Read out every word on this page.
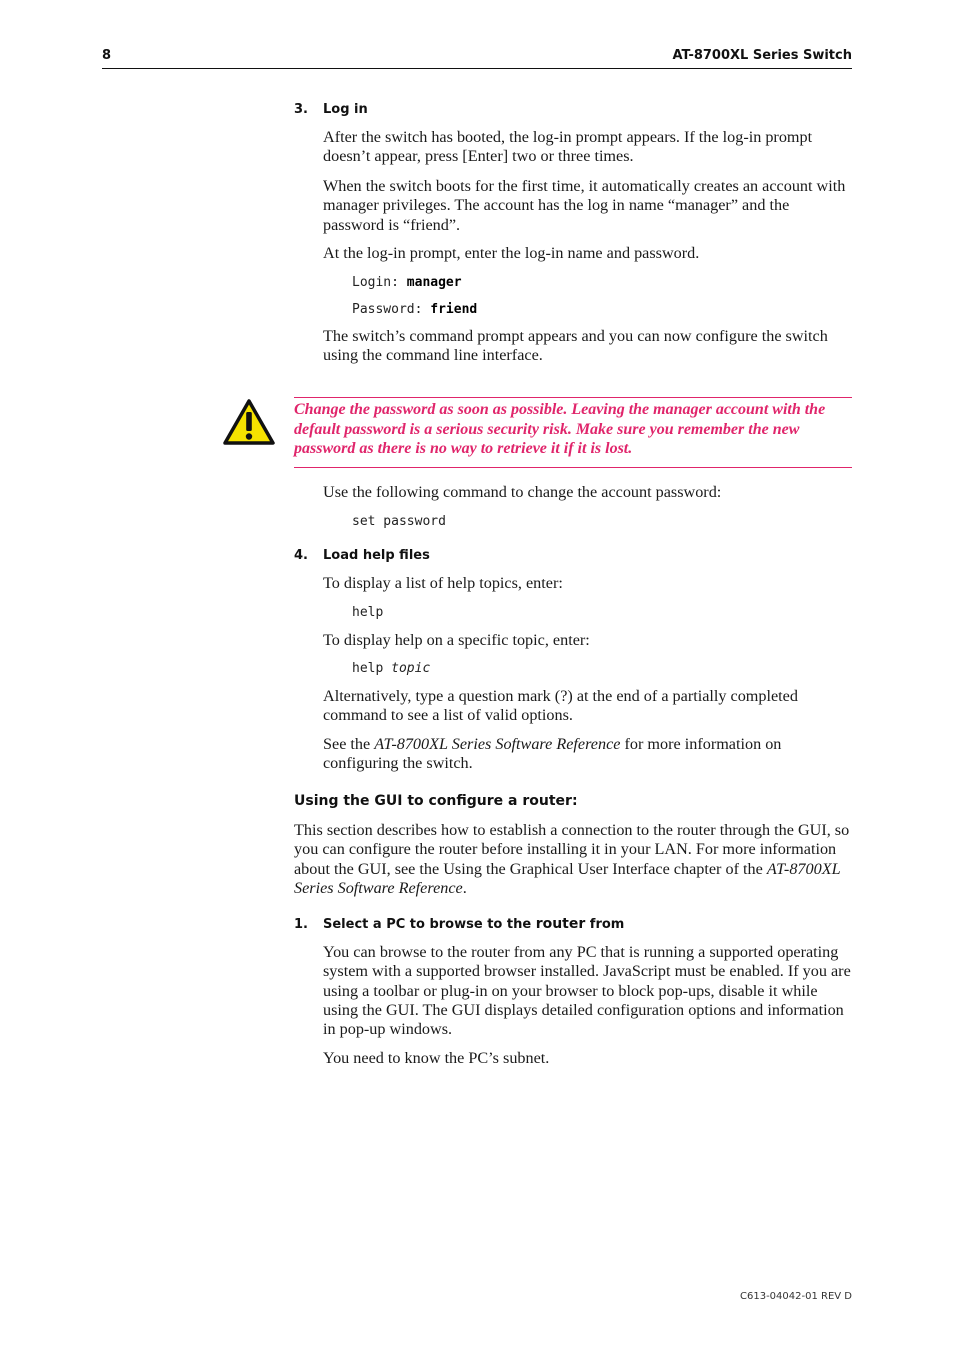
8	AT-8700XL Series Switch
3. Log in
After the switch has booted, the log-in prompt appears. If the log-in prompt doesn’t appear, press [Enter] two or three times.
When the switch boots for the first time, it automatically creates an account with manager privileges. The account has the log in name “manager” and the password is “friend”.
At the log-in prompt, enter the log-in name and password.
Login: manager
Password: friend
The switch’s command prompt appears and you can now configure the switch using the command line interface.
Change the password as soon as possible. Leaving the manager account with the default password is a serious security risk. Make sure you remember the new password as there is no way to retrieve it if it is lost.
Use the following command to change the account password:
set password
4. Load help files
To display a list of help topics, enter:
help
To display help on a specific topic, enter:
help topic
Alternatively, type a question mark (?) at the end of a partially completed command to see a list of valid options.
See the AT-8700XL Series Software Reference for more information on configuring the switch.
Using the GUI to configure a router:
This section describes how to establish a connection to the router through the GUI, so you can configure the router before installing it in your LAN. For more information about the GUI, see the Using the Graphical User Interface chapter of the AT-8700XL Series Software Reference.
1. Select a PC to browse to the router from
You can browse to the router from any PC that is running a supported operating system with a supported browser installed. JavaScript must be enabled. If you are using a toolbar or plug-in on your browser to block pop-ups, disable it while using the GUI. The GUI displays detailed configuration options and information in pop-up windows.
You need to know the PC’s subnet.
C613-04042-01 REV D
